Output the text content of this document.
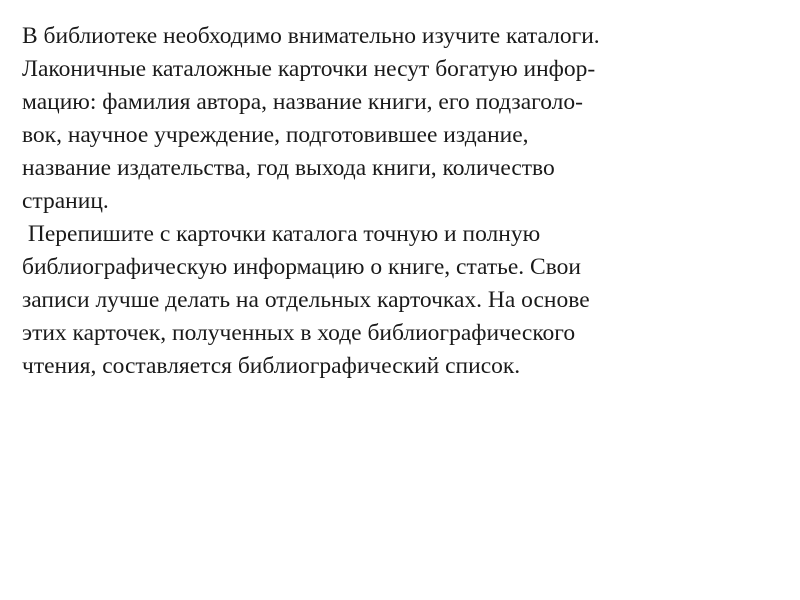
В библиотеке необходимо внимательно изучите каталоги.
Лаконичные каталожные карточки несут богатую инфор-
мацию: фамилия автора, название книги, его подзаголо-
вок, научное учреждение, подготовившее издание,
название издательства, год выхода книги, количество
страниц.
Перепишите с карточки каталога точную и полную
библиографическую информацию о книге, статье. Свои
записи лучше делать на отдельных карточках. На основе
этих карточек, полученных в ходе библиографического
чтения, составляется библиографический список.
